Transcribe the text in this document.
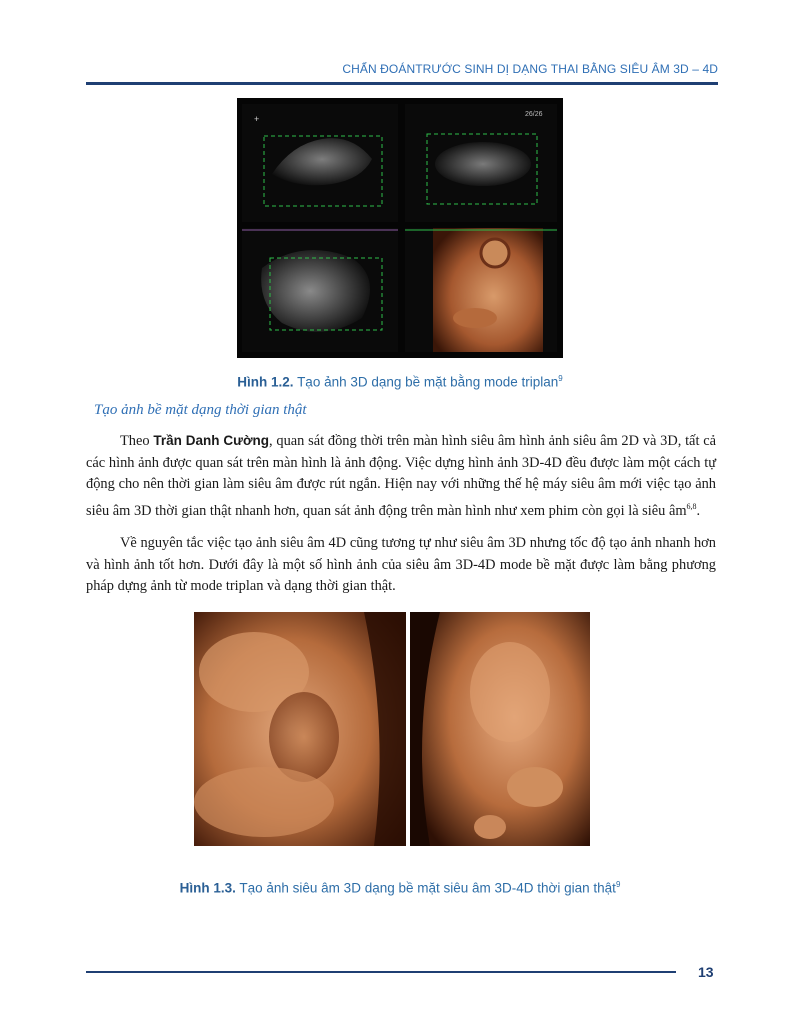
CHẨN ĐOÁNTRƯỚC SINH DỊ DẠNG THAI BẰNG SIÊU ÂM 3D – 4D
+	26/26
Hình 1.2. Tạo ảnh 3D dạng bề mặt bằng mode triplan$^9$
Tạo ảnh bề mặt dạng thời gian thật
Theo Trần Danh Cường, quan sát đồng thời trên màn hình siêu âm hình ảnh siêu âm 2D và 3D, tất cả các hình ảnh được quan sát trên màn hình là ảnh động. Việc dựng hình ảnh 3D-4D đều được làm một cách tự động cho nên thời gian làm siêu âm được rút ngắn. Hiện nay với những thế hệ máy siêu âm mới việc tạo ảnh siêu âm 3D thời gian thật nhanh hơn, quan sát ảnh động trên màn hình như xem phim còn gọi là siêu âm$^{6,8}$.
Về nguyên tắc việc tạo ảnh siêu âm 4D cũng tương tự như siêu âm 3D nhưng tốc độ tạo ảnh nhanh hơn và hình ảnh tốt hơn. Dưới đây là một số hình ảnh của siêu âm 3D-4D mode bề mặt được làm bằng phương pháp dựng ảnh từ mode triplan và dạng thời gian thật.
Hình 1.3. Tạo ảnh siêu âm 3D dạng bề mặt siêu âm 3D-4D thời gian thật$^9$
13
